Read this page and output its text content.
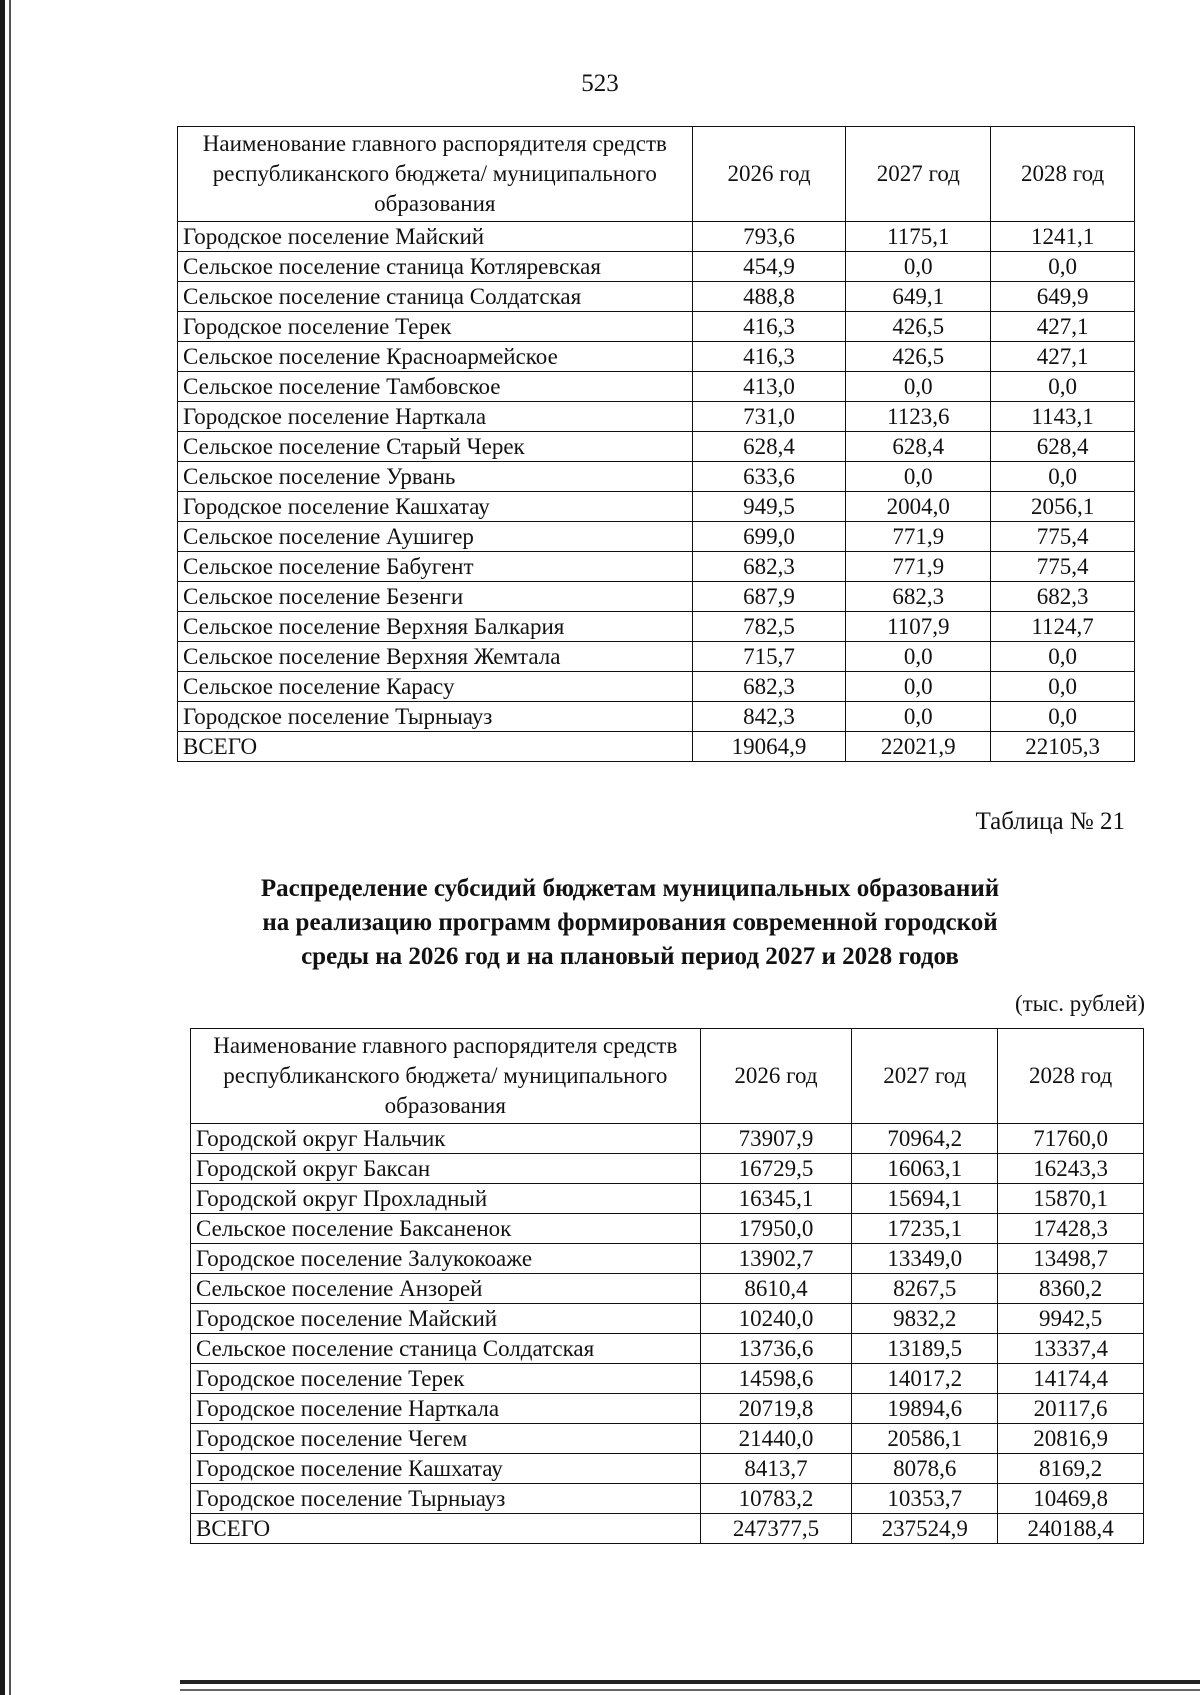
523
Наименование главного распорядителя средств республиканского бюджета/ муниципального образования	2026 год	2027 год	2028 год
Городское поселение Майский	793,6	1175,1	1241,1
Сельское поселение станица Котляревская	454,9	0,0	0,0
Сельское поселение станица Солдатская	488,8	649,1	649,9
Городское поселение Терек	416,3	426,5	427,1
Сельское поселение Красноармейское	416,3	426,5	427,1
Сельское поселение Тамбовское	413,0	0,0	0,0
Городское поселение Нарткала	731,0	1123,6	1143,1
Сельское поселение Старый Черек	628,4	628,4	628,4
Сельское поселение Урвань	633,6	0,0	0,0
Городское поселение Кашхатау	949,5	2004,0	2056,1
Сельское поселение Аушигер	699,0	771,9	775,4
Сельское поселение Бабугент	682,3	771,9	775,4
Сельское поселение Безенги	687,9	682,3	682,3
Сельское поселение Верхняя Балкария	782,5	1107,9	1124,7
Сельское поселение Верхняя Жемтала	715,7	0,0	0,0
Сельское поселение Карасу	682,3	0,0	0,0
Городское поселение Тырныауз	842,3	0,0	0,0
ВСЕГО	19064,9	22021,9	22105,3
Таблица № 21
Распределение субсидий бюджетам муниципальных образований
на реализацию программ формирования современной городской
среды на 2026 год и на плановый период 2027 и 2028 годов
(тыс. рублей)
Наименование главного распорядителя средств республиканского бюджета/ муниципального образования	2026 год	2027 год	2028 год
Городской округ Нальчик	73907,9	70964,2	71760,0
Городской округ Баксан	16729,5	16063,1	16243,3
Городской округ Прохладный	16345,1	15694,1	15870,1
Сельское поселение Баксаненок	17950,0	17235,1	17428,3
Городское поселение Залукокоаже	13902,7	13349,0	13498,7
Сельское поселение Анзорей	8610,4	8267,5	8360,2
Городское поселение Майский	10240,0	9832,2	9942,5
Сельское поселение станица Солдатская	13736,6	13189,5	13337,4
Городское поселение Терек	14598,6	14017,2	14174,4
Городское поселение Нарткала	20719,8	19894,6	20117,6
Городское поселение Чегем	21440,0	20586,1	20816,9
Городское поселение Кашхатау	8413,7	8078,6	8169,2
Городское поселение Тырныауз	10783,2	10353,7	10469,8
ВСЕГО	247377,5	237524,9	240188,4
